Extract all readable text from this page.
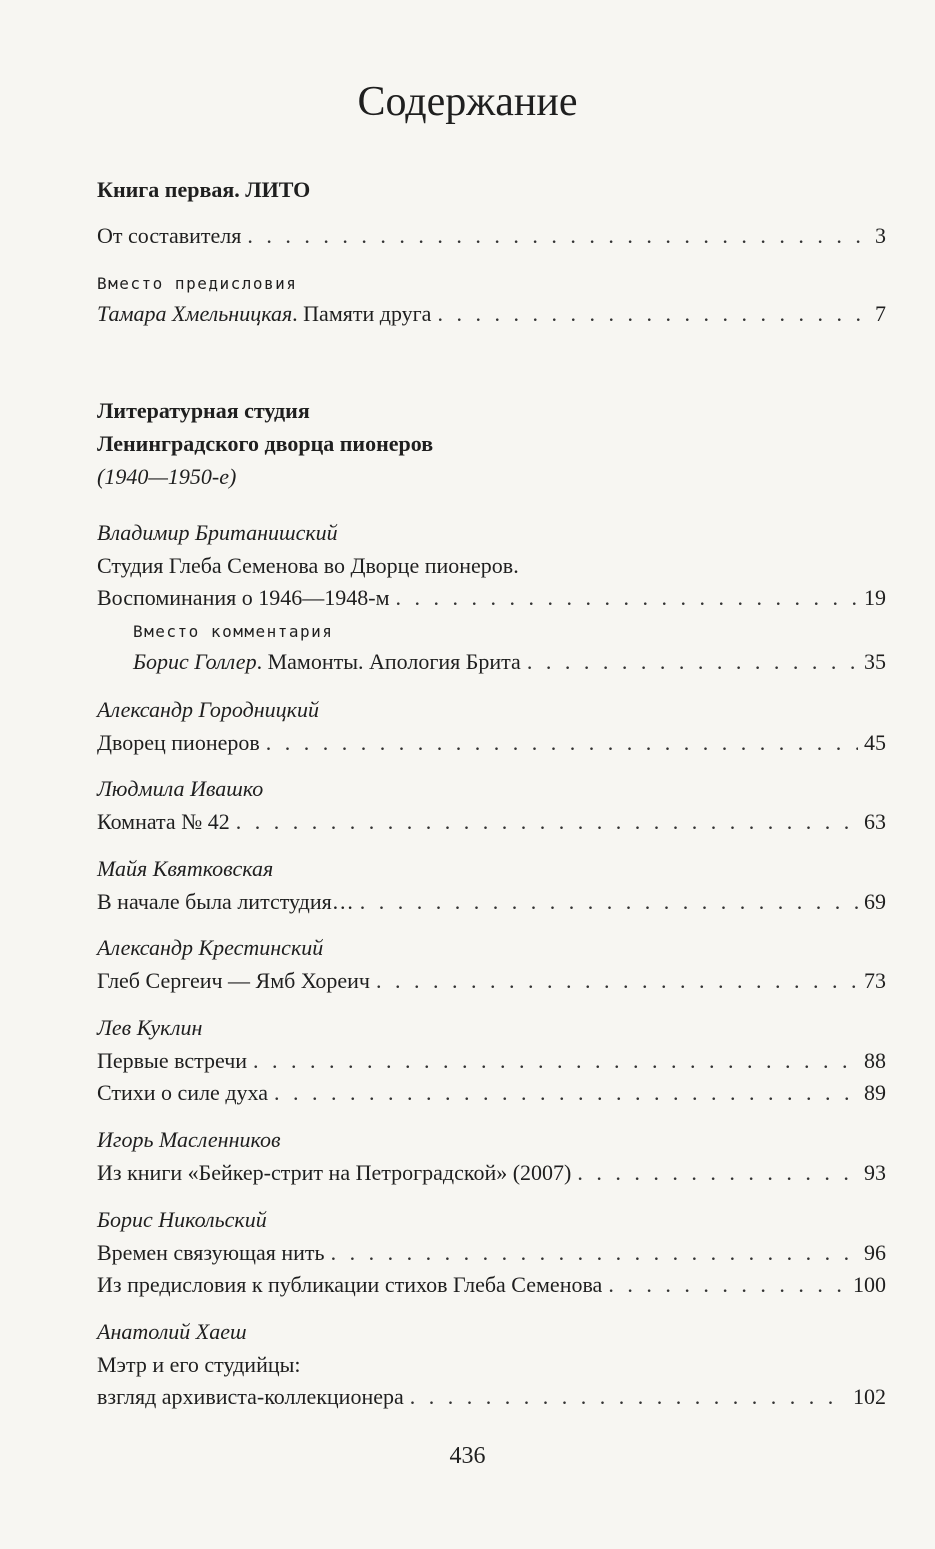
Содержание
Книга первая. ЛИТО
От составителя . . .	3
Вместо предисловия
Тамара Хмельницкая. Памяти друга . . .	7
Литературная студия
Ленинградского дворца пионеров
(1940—1950-е)
Владимир Британишский
Студия Глеба Семенова во Дворце пионеров.
Воспоминания о 1946—1948-м . . .	19
Вместо комментария
Борис Голлер. Мамонты. Апология Брита . . .	35
Александр Городницкий
Дворец пионеров . . .	45
Людмила Ивашко
Комната № 42 . . .	63
Майя Квятковская
В начале была литстудия… . . .	69
Александр Крестинский
Глеб Сергеич — Ямб Хореич . . .	73
Лев Куклин
Первые встречи . . .	88
Стихи о силе духа . . .	89
Игорь Масленников
Из книги «Бейкер-стрит на Петроградской» (2007) . . .	93
Борис Никольский
Времен связующая нить . . .	96
Из предисловия к публикации стихов Глеба Семенова . . .	100
Анатолий Хаеш
Мэтр и его студийцы:
взгляд архивиста-коллекционера . . .	102
436
